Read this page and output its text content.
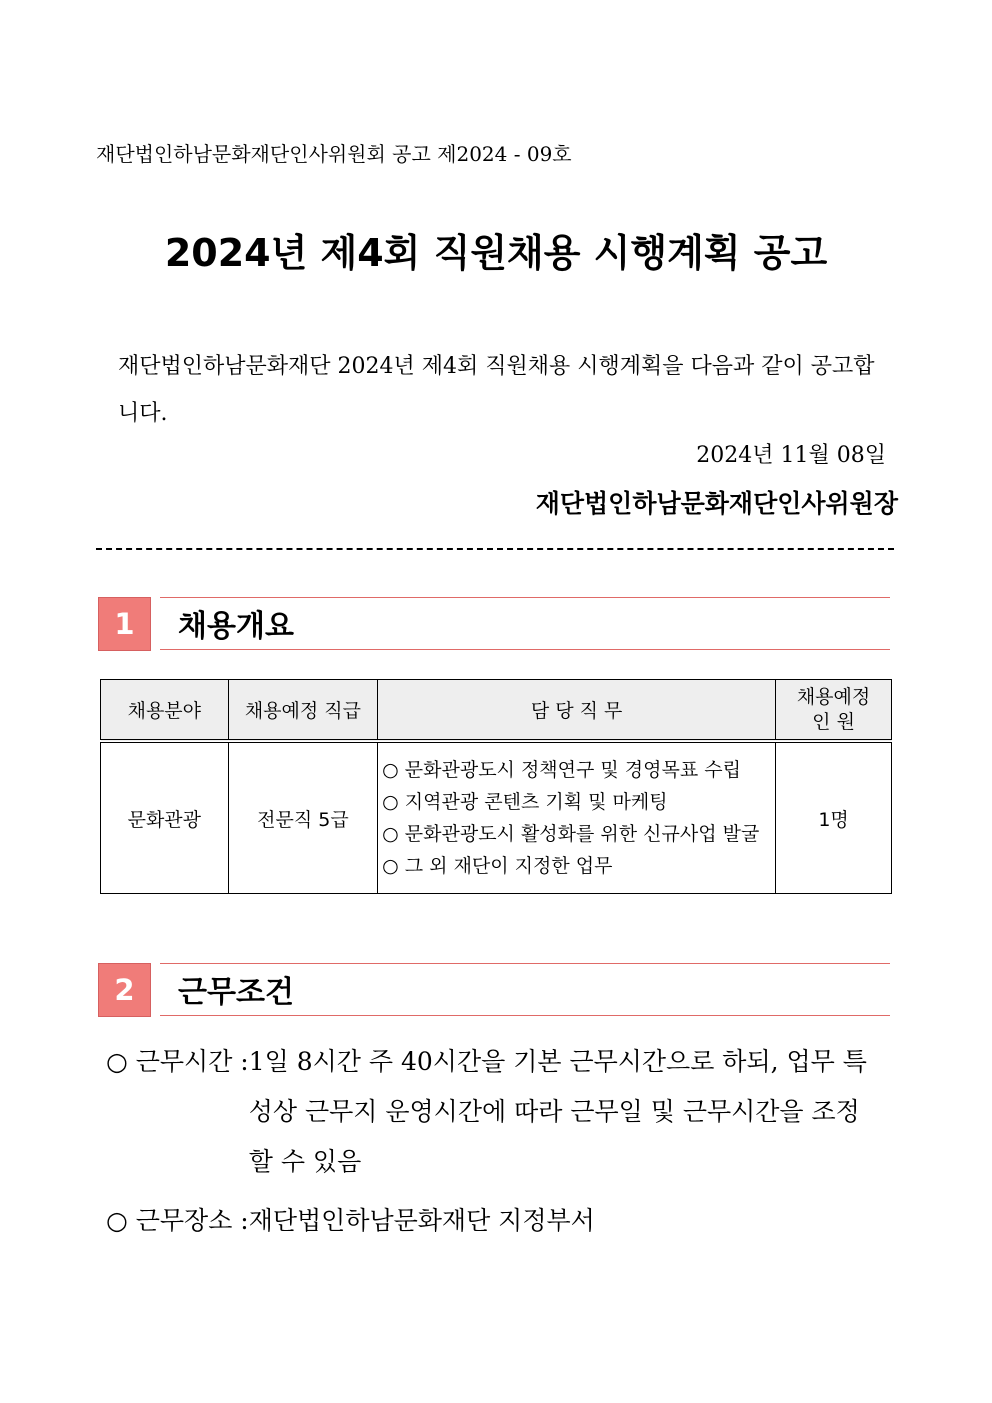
재단법인하남문화재단인사위원회 공고 제2024 - 09호
2024년 제4회 직원채용 시행계획 공고
재단법인하남문화재단 2024년 제4회 직원채용 시행계획을 다음과 같이 공고합니다.
2024년 11월 08일
재단법인하남문화재단인사위원장
1	채용개요
채용분야	채용예정 직급	담 당 직 무	채용예정 인 원

문화관광	전문직 5급	○ 문화관광도시 정책연구 및 경영목표 수립
○ 지역관광 콘텐츠 기획 및 마케팅
○ 문화관광도시 활성화를 위한 신규사업 발굴
○ 그 외 재단이 지정한 업무	1명
2	근무조건
○ 근무시간 : 1일 8시간 주 40시간을 기본 근무시간으로 하되, 업무 특성상 근무지 운영시간에 따라 근무일 및 근무시간을 조정할 수 있음
○ 근무장소 : 재단법인하남문화재단 지정부서
